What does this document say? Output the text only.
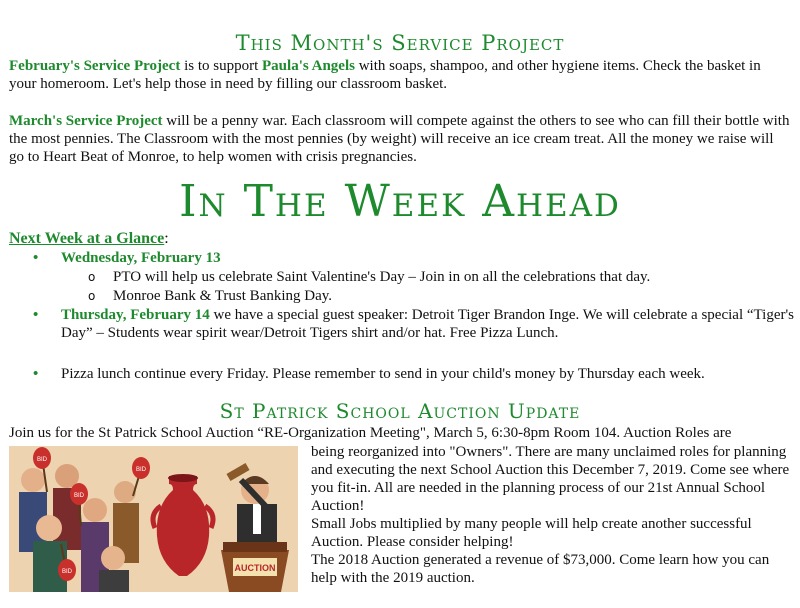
This Month's Service Project

February's Service Project is to support Paula's Angels with soaps, shampoo, and other hygiene items. Check the basket in your homeroom. Let's help those in need by filling our classroom basket.

March's Service Project will be a penny war. Each classroom will compete against the others to see who can fill their bottle with the most pennies. The Classroom with the most pennies (by weight) will receive an ice cream treat. All the money we raise will go to Heart Beat of Monroe, to help women with crisis pregnancies.

In The Week Ahead
Next Week at a Glance:
• Wednesday, February 13
o PTO will help us celebrate Saint Valentine's Day – Join in on all the celebrations that day.
o Monroe Bank & Trust Banking Day.
• Thursday, February 14 we have a special guest speaker: Detroit Tiger Brandon Inge. We will celebrate a special “Tiger's Day” – Students wear spirit wear/Detroit Tigers shirt and/or hat. Free Pizza Lunch.
• Pizza lunch continue every Friday. Please remember to send in your child's money by Thursday each week.
St Patrick School Auction Update

Join us for the St Patrick School Auction “RE-Organization Meeting", March 5, 6:30-8pm Room 104. Auction Roles are

being reorganized into "Owners". There are many unclaimed roles for planning and executing the next School Auction this December 7, 2019. Come see where you fit-in. All are needed in the planning process of our 21st Annual School Auction!

Small Jobs multiplied by many people will help create another successful Auction. Please consider helping!

The 2018 Auction generated a revenue of $73,000. Come learn how you can help with the 2019 auction.

BID
BID
BID
BID
AUCTION
